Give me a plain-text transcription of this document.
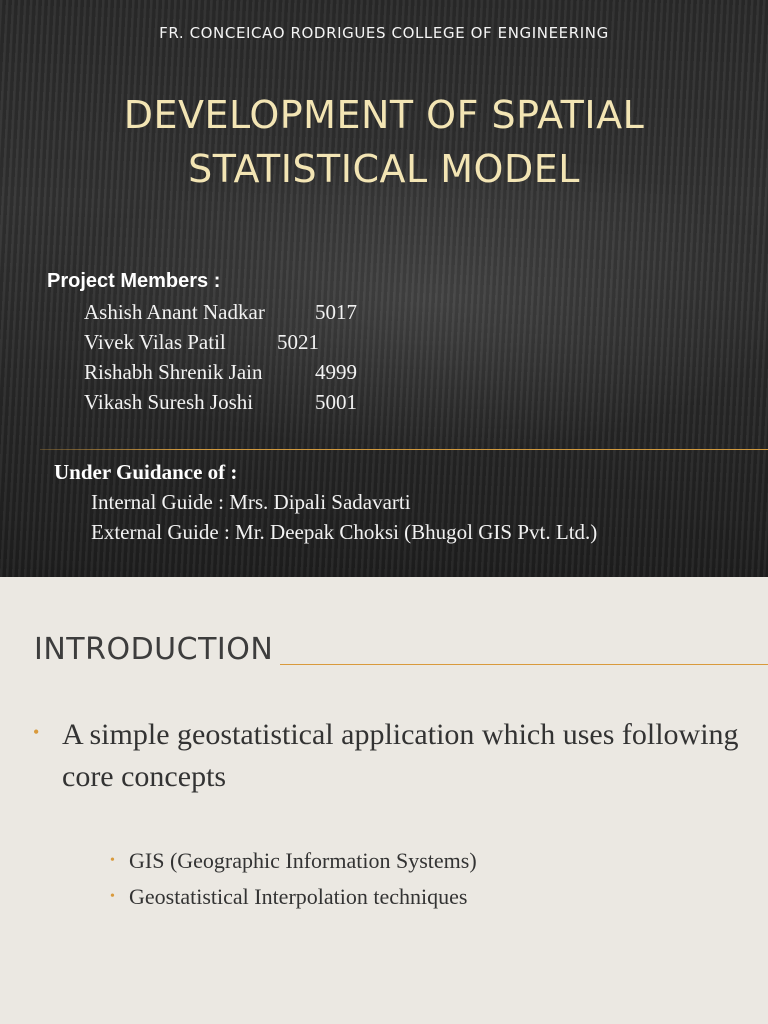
FR. CONCEICAO RODRIGUES COLLEGE OF ENGINEERING
DEVELOPMENT OF SPATIAL
STATISTICAL MODEL
Project Members :
Ashish Anant Nadkar 5017
Vivek Vilas Patil 5021
Rishabh Shrenik Jain	4999
Vikash Suresh Joshi	5001
Under Guidance of :
Internal Guide : Mrs. Dipali Sadavarti
External Guide : Mr. Deepak Choksi (Bhugol GIS Pvt. Ltd.)
INTRODUCTION
• A simple geostatistical application which uses following core concepts
• GIS (Geographic Information Systems)
• Geostatistical Interpolation techniques
